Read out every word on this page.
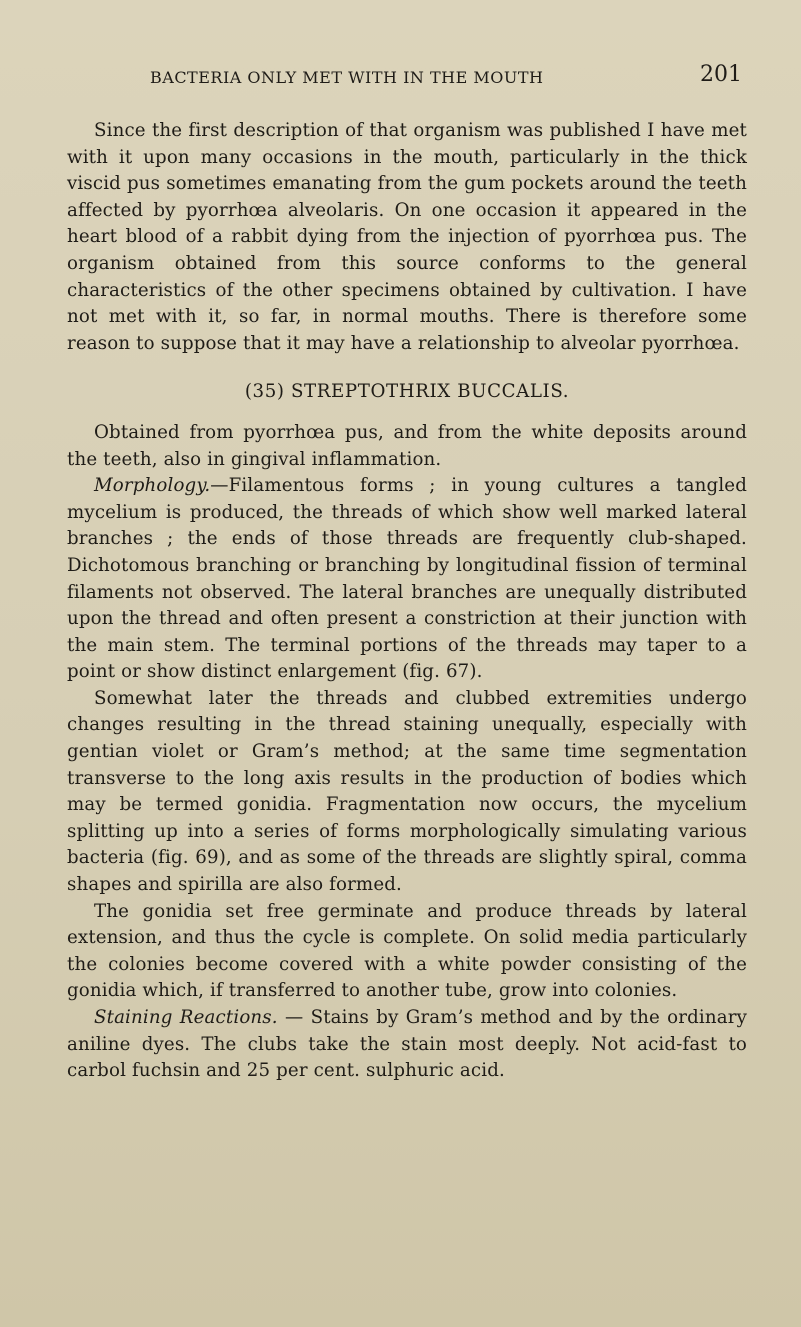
BACTERIA ONLY MET WITH IN THE MOUTH	201

Since the first description of that organism was published I have met with it upon many occasions in the mouth, particularly in the thick viscid pus sometimes emanating from the gum pockets around the teeth affected by pyorrhœa alveolaris. On one occasion it appeared in the heart blood of a rabbit dying from the injection of pyorrhœa pus. The organism obtained from this source conforms to the general characteristics of the other specimens obtained by cultivation. I have not met with it, so far, in normal mouths. There is therefore some reason to suppose that it may have a relationship to alveolar pyorrhœa.

(35) STREPTOTHRIX BUCCALIS.

Obtained from pyorrhœa pus, and from the white deposits around the teeth, also in gingival inflammation.

Morphology.—Filamentous forms ; in young cultures a tangled mycelium is produced, the threads of which show well marked lateral branches ; the ends of those threads are frequently club-shaped. Dichotomous branching or branching by longitudinal fission of terminal filaments not observed. The lateral branches are unequally distributed upon the thread and often present a constriction at their junction with the main stem. The terminal portions of the threads may taper to a point or show distinct enlargement (fig. 67).

Somewhat later the threads and clubbed extremities undergo changes resulting in the thread staining unequally, especially with gentian violet or Gram’s method; at the same time segmentation transverse to the long axis results in the production of bodies which may be termed gonidia. Fragmentation now occurs, the mycelium splitting up into a series of forms morphologically simulating various bacteria (fig. 69), and as some of the threads are slightly spiral, comma shapes and spirilla are also formed.

The gonidia set free germinate and produce threads by lateral extension, and thus the cycle is complete. On solid media particularly the colonies become covered with a white powder consisting of the gonidia which, if transferred to another tube, grow into colonies.

Staining Reactions. — Stains by Gram’s method and by the ordinary aniline dyes. The clubs take the stain most deeply. Not acid-fast to carbol fuchsin and 25 per cent. sulphuric acid.
